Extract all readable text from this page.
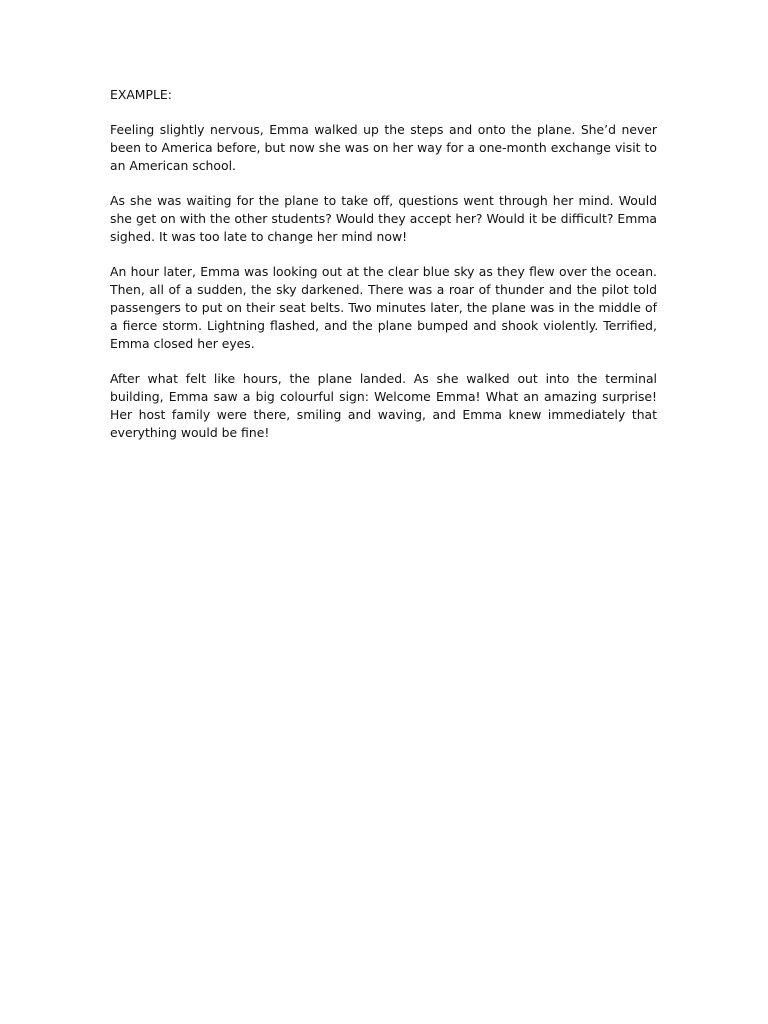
EXAMPLE:

Feeling slightly nervous, Emma walked up the steps and onto the plane. She’d never been to America before, but now she was on her way for a one-month exchange visit to an American school.

As she was waiting for the plane to take off, questions went through her mind. Would she get on with the other students? Would they accept her? Would it be difficult? Emma sighed. It was too late to change her mind now!

An hour later, Emma was looking out at the clear blue sky as they flew over the ocean. Then, all of a sudden, the sky darkened. There was a roar of thunder and the pilot told passengers to put on their seat belts. Two minutes later, the plane was in the middle of a fierce storm. Lightning flashed, and the plane bumped and shook violently. Terrified, Emma closed her eyes.

After what felt like hours, the plane landed. As she walked out into the terminal building, Emma saw a big colourful sign: Welcome Emma! What an amazing surprise! Her host family were there, smiling and waving, and Emma knew immediately that everything would be fine!
